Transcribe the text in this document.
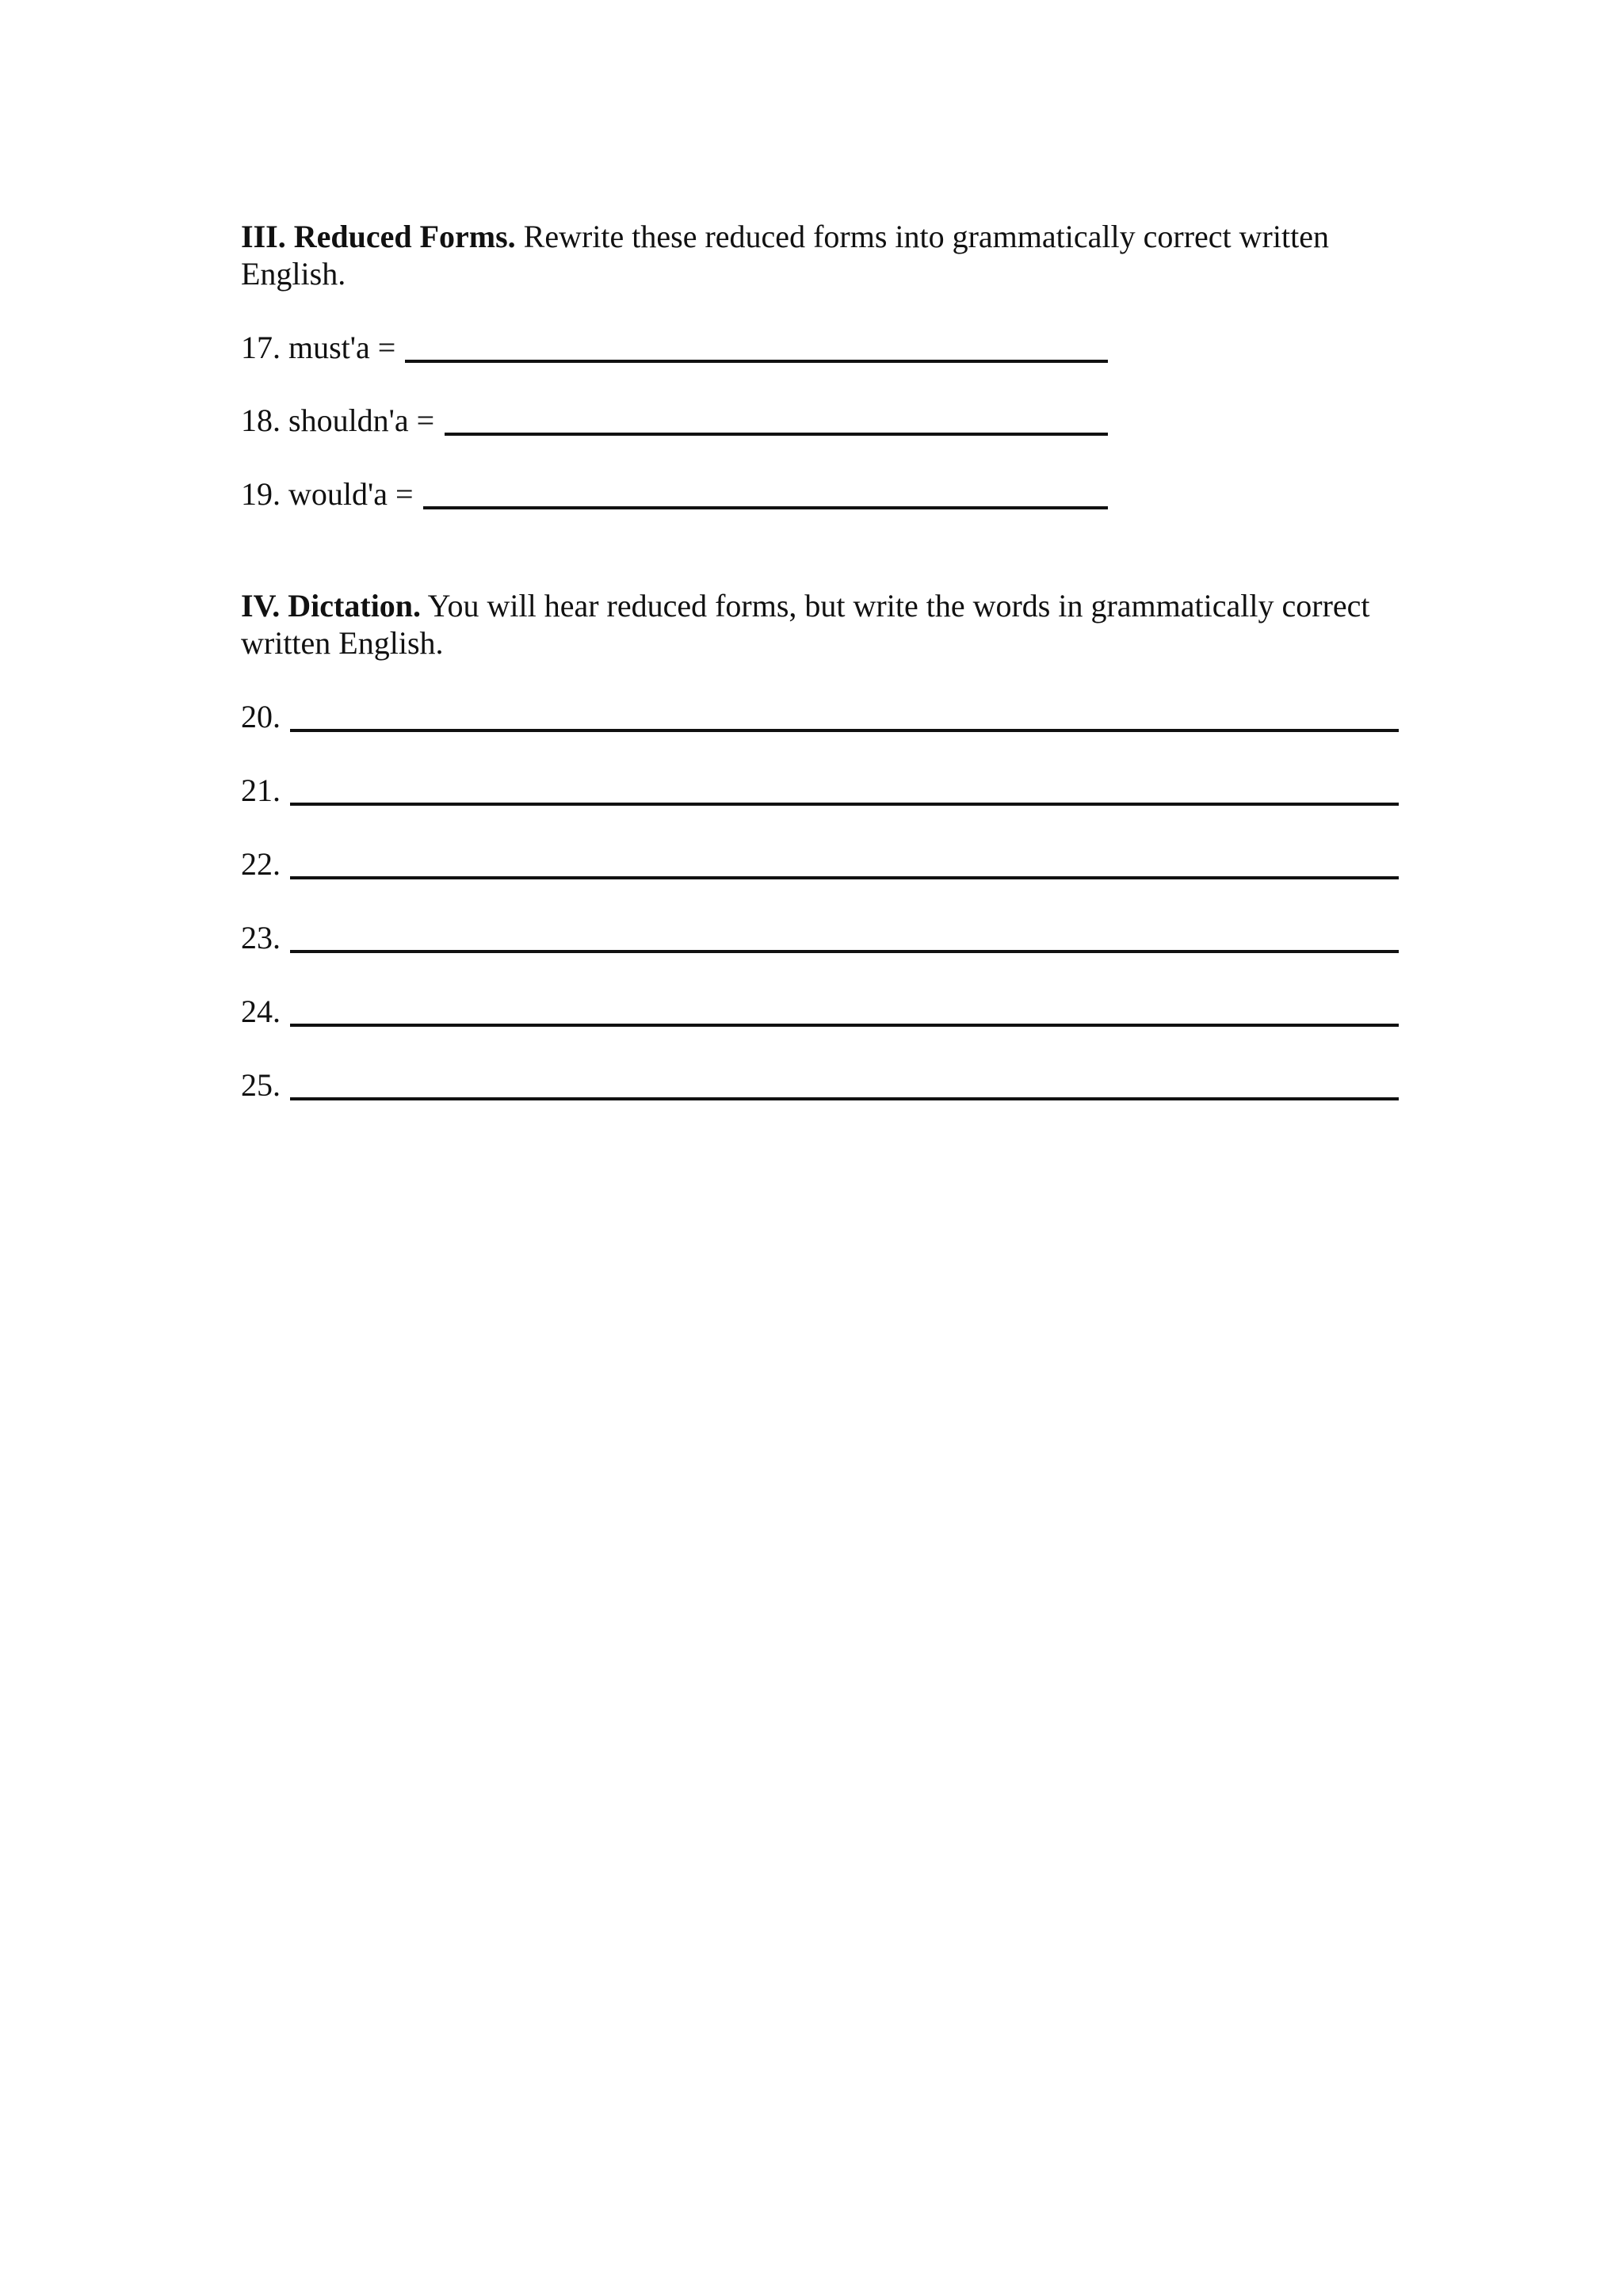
III. Reduced Forms. Rewrite these reduced forms into grammatically correct written English.
17. must'a =
18. shouldn'a =
19. would'a =
IV. Dictation. You will hear reduced forms, but write the words in grammatically correct written English.
20.
21.
22.
23.
24.
25.
